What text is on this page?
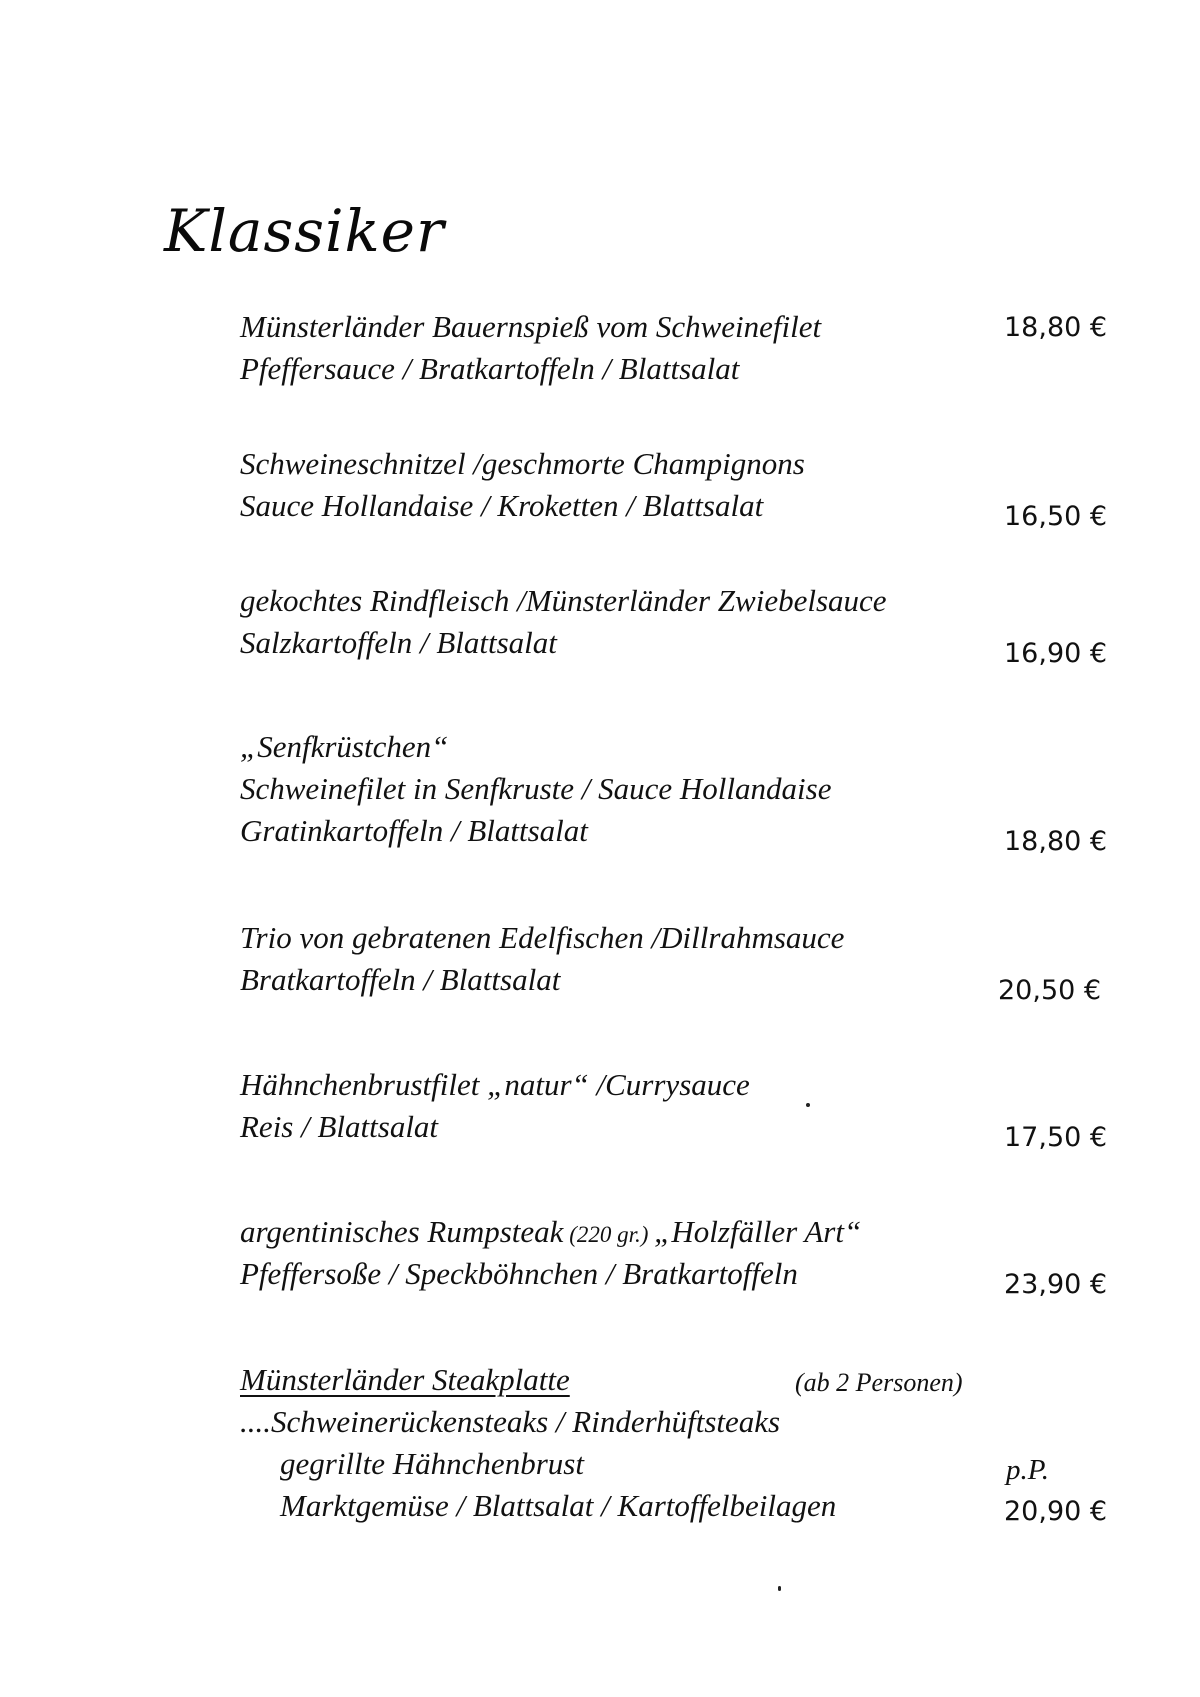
Klassiker
Münsterländer Bauernspieß vom Schweinefilet
Pfeffersauce / Bratkartoffeln / Blattsalat
18,80 €
Schweineschnitzel /geschmorte Champignons
Sauce Hollandaise / Kroketten / Blattsalat	16,50 €
gekochtes Rindfleisch /Münsterländer Zwiebelsauce
Salzkartoffeln / Blattsalat	16,90 €
„Senfkrüstchen“
Schweinefilet in Senfkruste / Sauce Hollandaise
Gratinkartoffeln / Blattsalat	18,80 €
Trio von gebratenen Edelfischen /Dillrahmsauce
Bratkartoffeln / Blattsalat	20,50 €
Hähnchenbrustfilet „natur“ /Currysauce
Reis / Blattsalat	17,50 €
argentinisches Rumpsteak (220 gr.) „Holzfäller Art“
Pfeffersoße / Speckböhnchen / Bratkartoffeln	23,90 €
Münsterländer Steakplatte	(ab 2 Personen)
....Schweinerückensteaks / Rinderhüftsteaks
gegrillte Hähnchenbrust
Marktgemüse / Blattsalat / Kartoffelbeilagen
p.P.
20,90 €
